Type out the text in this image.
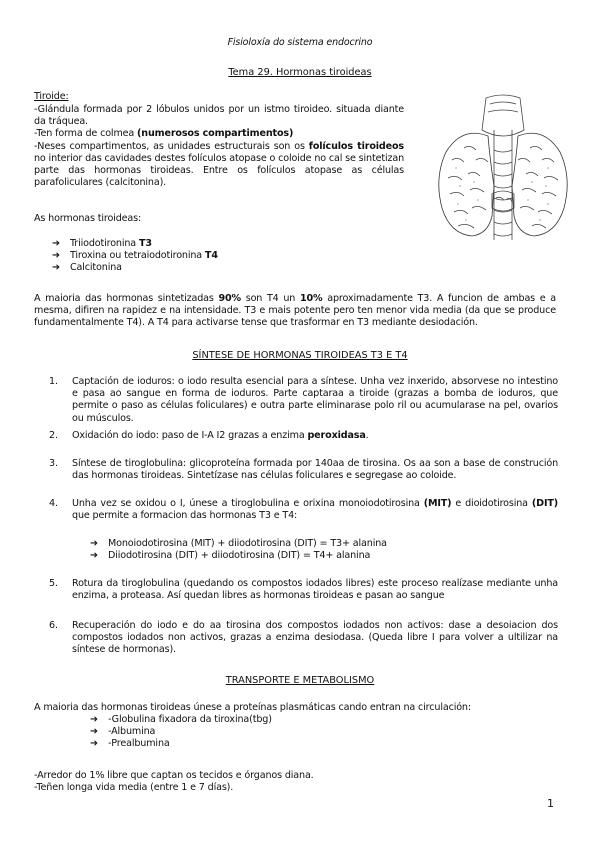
Fisioloxía do sistema endocrino
Tema 29. Hormonas tiroideas
Tiroide:
-Glándula formada por 2 lóbulos unidos por un istmo tiroideo. situada diante da tráquea.
-Ten forma de colmea (numerosos compartimentos)
-Neses compartimentos, as unidades estructurais son os folículos tiroideos no interior das cavidades destes folículos atopase o coloide no cal se sintetizan parte das hormonas tiroideas. Entre os folículos atopase as células parafoliculares (calcitonina).
As hormonas tiroideas:
➔ Triiodotironina T3
➔ Tiroxina ou tetraiodotironina T4
➔ Calcitonina
A maioria das hormonas sintetizadas 90% son T4 un 10% aproximadamente T3. A funcion de ambas e a mesma, difiren na rapidez e na intensidade. T3 e mais potente pero ten menor vida media (da que se produce fundamentalmente T4). A T4 para activarse tense que trasformar en T3 mediante desiodación.
SÍNTESE DE HORMONAS TIROIDEAS T3 E T4
1. Captación de ioduros: o iodo resulta esencial para a síntese. Unha vez inxerido, absorvese no intestino e pasa ao sangue en forma de ioduros. Parte captaraa a tiroide (grazas a bomba de ioduros, que permite o paso as células foliculares) e outra parte eliminarase polo ril ou acumularase na pel, ovarios ou músculos.
2. Oxidación do iodo: paso de I-A I2 grazas a enzima peroxidasa.
3. Síntese de tiroglobulina: glicoproteína formada por 140aa de tirosina. Os aa son a base de construción das hormonas tiroideas. Sintetízase nas células foliculares e segregase ao coloide.
4. Unha vez se oxidou o I, únese a tiroglobulina e orixina monoiodotirosina (MIT) e dioidotirosina (DIT) que permite a formacion das hormonas T3 e T4:
➔ Monoiodotirosina (MIT) + diiodotirosina (DIT) = T3+ alanina
➔ Diiodotirosina (DIT) + diiodotirosina (DIT) = T4+ alanina
5. Rotura da tiroglobulina (quedando os compostos iodados libres) este proceso realízase mediante unha enzima, a proteasa. Así quedan libres as hormonas tiroideas e pasan ao sangue
6. Recuperación do iodo e do aa tirosina dos compostos iodados non activos: dase a desoiacion dos compostos iodados non activos, grazas a enzima desiodasa. (Queda libre I para volver a ultilizar na síntese de hormonas).
TRANSPORTE E METABOLISMO
A maioria das hormonas tiroideas únese a proteínas plasmáticas cando entran na circulación:
➔ -Globulina fixadora da tiroxina(tbg)
➔ -Albumina
➔ -Prealbumina
-Arredor do 1% libre que captan os tecidos e órganos diana.
-Teñen longa vida media (entre 1 e 7 días).
1
